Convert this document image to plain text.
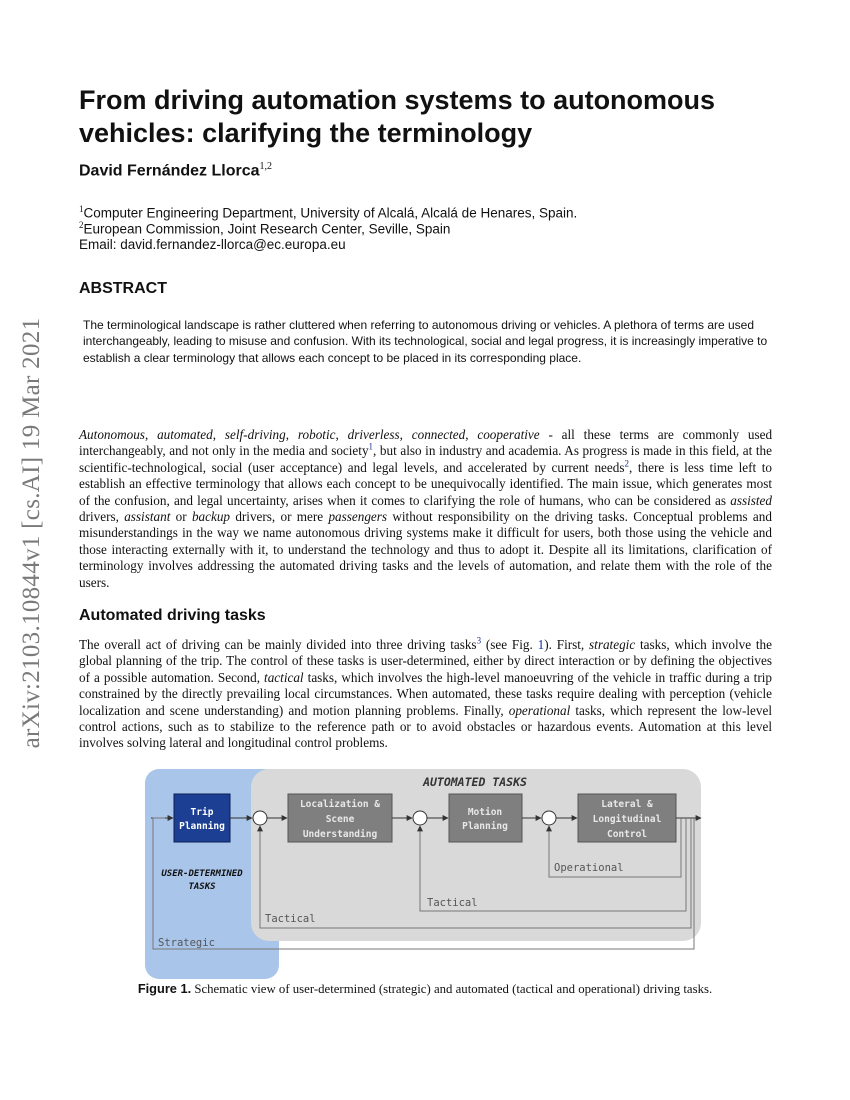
arXiv:2103.10844v1 [cs.AI] 19 Mar 2021
From driving automation systems to autonomous vehicles: clarifying the terminology
David Fernández Llorca$^{1,2}$
$^1$Computer Engineering Department, University of Alcalá, Alcalá de Henares, Spain.
$^2$European Commission, Joint Research Center, Seville, Spain
Email: david.fernandez-llorca@ec.europa.eu
ABSTRACT

The terminological landscape is rather cluttered when referring to autonomous driving or vehicles. A plethora of terms are used interchangeably, leading to misuse and confusion. With its technological, social and legal progress, it is increasingly imperative to establish a clear terminology that allows each concept to be placed in its corresponding place.

Autonomous, automated, self-driving, robotic, driverless, connected, cooperative - all these terms are commonly used interchangeably, and not only in the media and society$^1$, but also in industry and academia. As progress is made in this field, at the scientific-technological, social (user acceptance) and legal levels, and accelerated by current needs$^2$, there is less time left to establish an effective terminology that allows each concept to be unequivocally identified. The main issue, which generates most of the confusion, and legal uncertainty, arises when it comes to clarifying the role of humans, who can be considered as assisted drivers, assistant or backup drivers, or mere passengers without responsibility on the driving tasks. Conceptual problems and misunderstandings in the way we name autonomous driving systems make it difficult for users, both those using the vehicle and those interacting externally with it, to understand the technology and thus to adopt it. Despite all its limitations, clarification of terminology involves addressing the automated driving tasks and the levels of automation, and relate them with the role of the users.

Automated driving tasks

The overall act of driving can be mainly divided into three driving tasks$^3$ (see Fig. 1). First, strategic tasks, which involve the global planning of the trip. The control of these tasks is user-determined, either by direct interaction or by defining the objectives of a possible automation. Second, tactical tasks, which involves the high-level manoeuvring of the vehicle in traffic during a trip constrained by the directly prevailing local circumstances. When automated, these tasks require dealing with perception (vehicle localization and scene understanding) and motion planning problems. Finally, operational tasks, which represent the low-level control actions, such as to stabilize to the reference path or to avoid obstacles or hazardous events. Automation at this level involves solving lateral and longitudinal control problems.

AUTOMATED TASKS
USER-DETERMINED
TASKS
Trip
Planning
Localization &
Scene
Understanding
Motion
Planning
Lateral &
Longitudinal
Control
Operational
Tactical
Tactical
Strategic
Figure 1. Schematic view of user-determined (strategic) and automated (tactical and operational) driving tasks.
